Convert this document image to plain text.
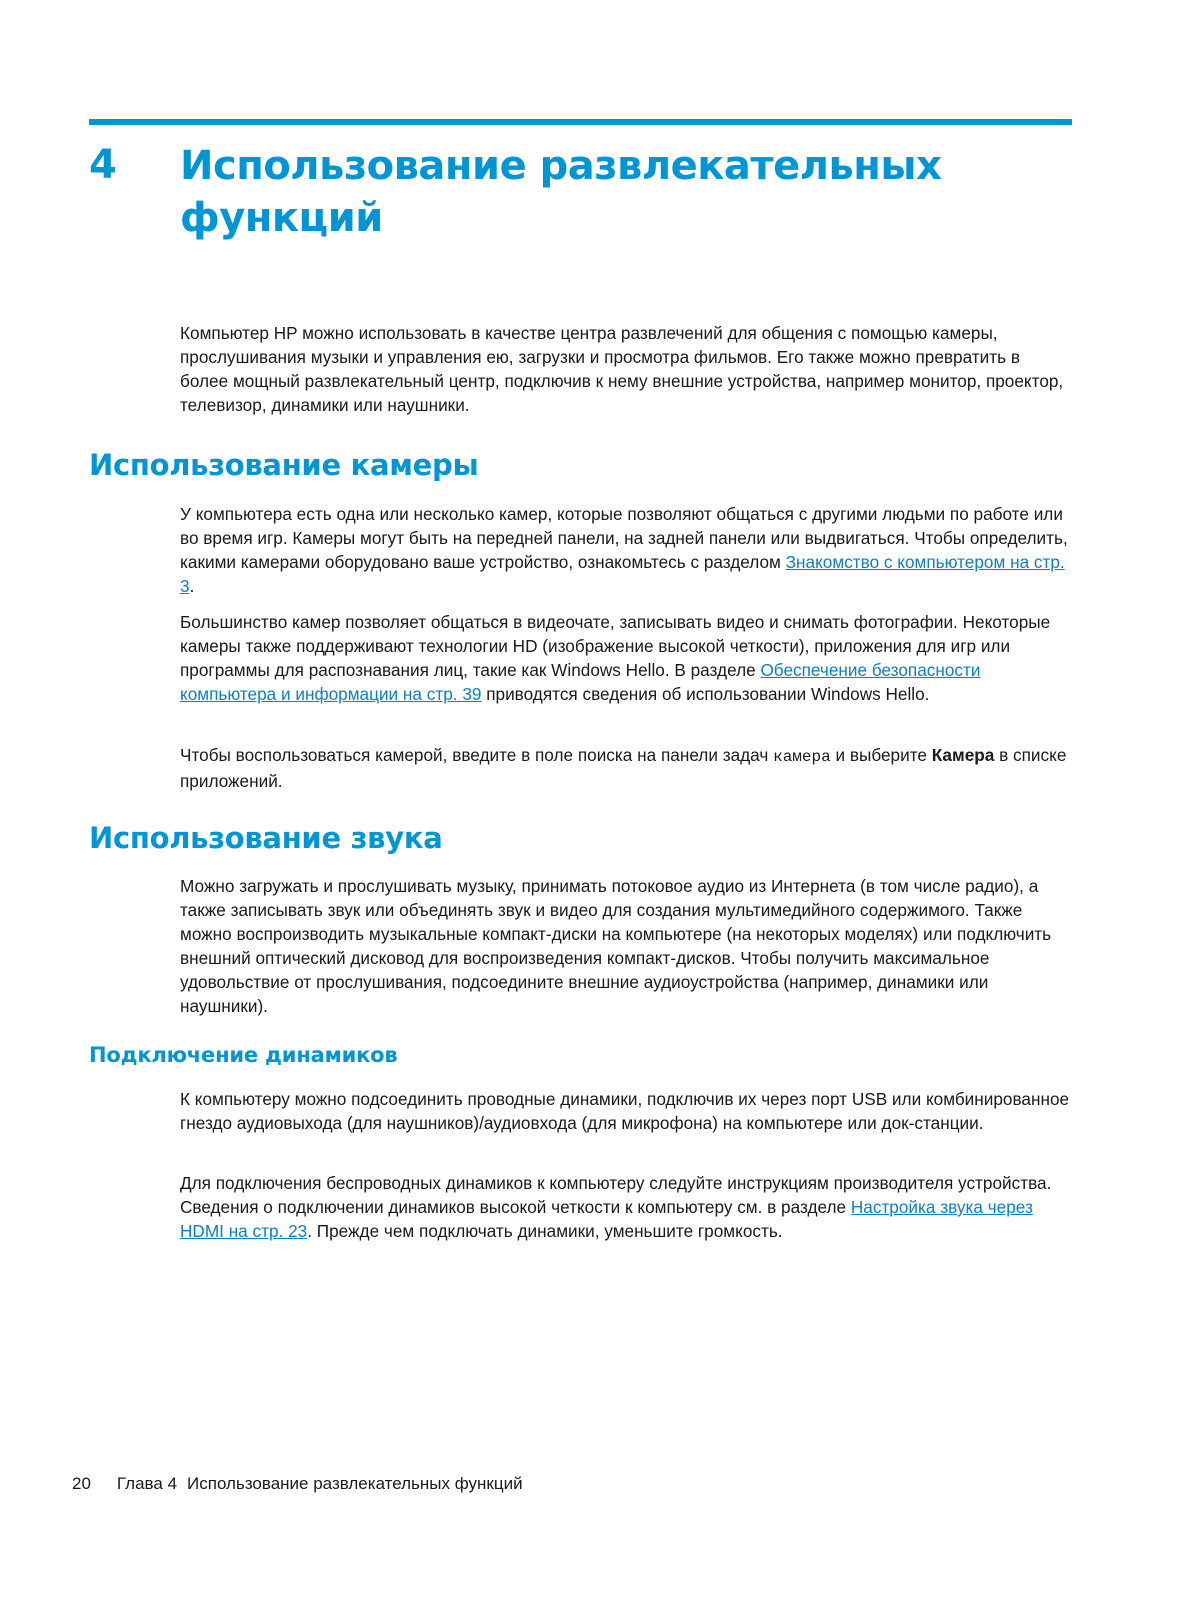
4 Использование развлекательных функций

Компьютер HP можно использовать в качестве центра развлечений для общения с помощью камеры, прослушивания музыки и управления ею, загрузки и просмотра фильмов. Его также можно превратить в более мощный развлекательный центр, подключив к нему внешние устройства, например монитор, проектор, телевизор, динамики или наушники.

Использование камеры

У компьютера есть одна или несколько камер, которые позволяют общаться с другими людьми по работе или во время игр. Камеры могут быть на передней панели, на задней панели или выдвигаться. Чтобы определить, какими камерами оборудовано ваше устройство, ознакомьтесь с разделом Знакомство с компьютером на стр. 3.

Большинство камер позволяет общаться в видеочате, записывать видео и снимать фотографии. Некоторые камеры также поддерживают технологии HD (изображение высокой четкости), приложения для игр или программы для распознавания лиц, такие как Windows Hello. В разделе Обеспечение безопасности компьютера и информации на стр. 39 приводятся сведения об использовании Windows Hello.

Чтобы воспользоваться камерой, введите в поле поиска на панели задач камера и выберите Камера в списке приложений.

Использование звука

Можно загружать и прослушивать музыку, принимать потоковое аудио из Интернета (в том числе радио), а также записывать звук или объединять звук и видео для создания мультимедийного содержимого. Также можно воспроизводить музыкальные компакт-диски на компьютере (на некоторых моделях) или подключить внешний оптический дисковод для воспроизведения компакт-дисков. Чтобы получить максимальное удовольствие от прослушивания, подсоедините внешние аудиоустройства (например, динамики или наушники).

Подключение динамиков

К компьютеру можно подсоединить проводные динамики, подключив их через порт USB или комбинированное гнездо аудиовыхода (для наушников)/аудиовхода (для микрофона) на компьютере или док-станции.

Для подключения беспроводных динамиков к компьютеру следуйте инструкциям производителя устройства. Сведения о подключении динамиков высокой четкости к компьютеру см. в разделе Настройка звука через HDMI на стр. 23. Прежде чем подключать динамики, уменьшите громкость.

20 Глава 4 Использование развлекательных функций
